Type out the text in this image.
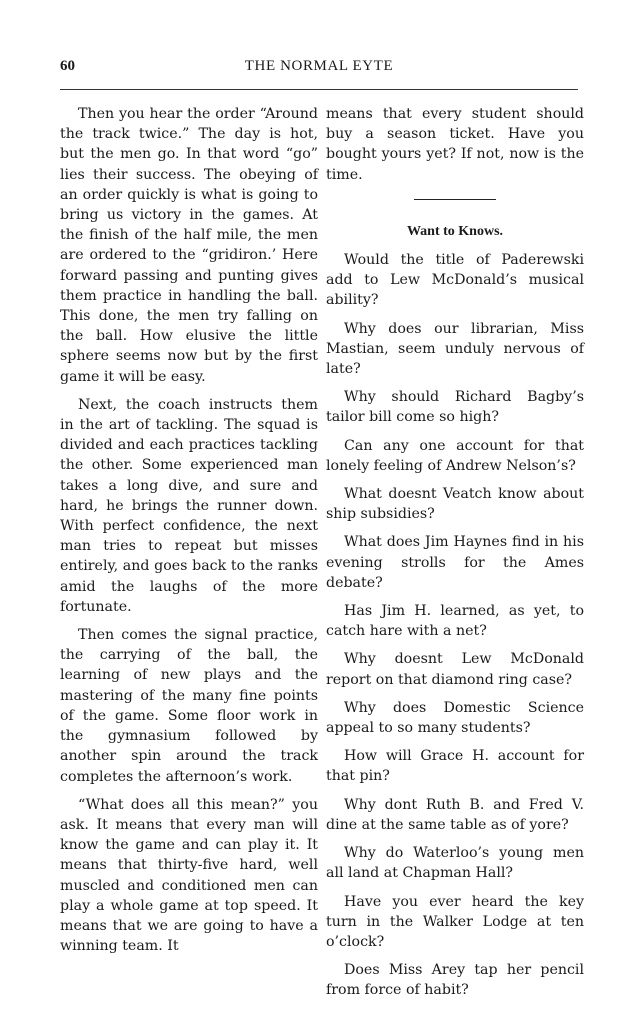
60	THE NORMAL EYTE

Then you hear the order “Around the track twice.” The day is hot, but the men go. In that word “go” lies their success. The obeying of an order quickly is what is going to bring us victory in the games. At the finish of the half mile, the men are ordered to the “gridiron.’ Here forward passing and punting gives them practice in handling the ball. This done, the men try falling on the ball. How elusive the little sphere seems now but by the first game it will be easy.

Next, the coach instructs them in the art of tackling. The squad is divided and each practices tackling the other. Some experienced man takes a long dive, and sure and hard, he brings the runner down. With perfect confidence, the next man tries to repeat but misses entirely, and goes back to the ranks amid the laughs of the more fortunate.

Then comes the signal practice, the carrying of the ball, the learning of new plays and the mastering of the many fine points of the game. Some floor work in the gymnasium followed by another spin around the track completes the afternoon’s work.

“What does all this mean?” you ask. It means that every man will know the game and can play it. It means that thirty-five hard, well muscled and conditioned men can play a whole game at top speed. It means that we are going to have a winning team. It

means that every student should buy a season ticket. Have you bought yours yet? If not, now is the time.

Want to Knows.

Would the title of Paderewski add to Lew McDonald’s musical ability?

Why does our librarian, Miss Mastian, seem unduly nervous of late?

Why should Richard Bagby’s tailor bill come so high?

Can any one account for that lonely feeling of Andrew Nelson’s?

What doesnt Veatch know about ship subsidies?

What does Jim Haynes find in his evening strolls for the Ames debate?

Has Jim H. learned, as yet, to catch hare with a net?

Why doesnt Lew McDonald report on that diamond ring case?

Why does Domestic Science appeal to so many students?

How will Grace H. account for that pin?

Why dont Ruth B. and Fred V. dine at the same table as of yore?

Why do Waterloo’s young men all land at Chapman Hall?

Have you ever heard the key turn in the Walker Lodge at ten o’clock?

Does Miss Arey tap her pencil from force of habit?
